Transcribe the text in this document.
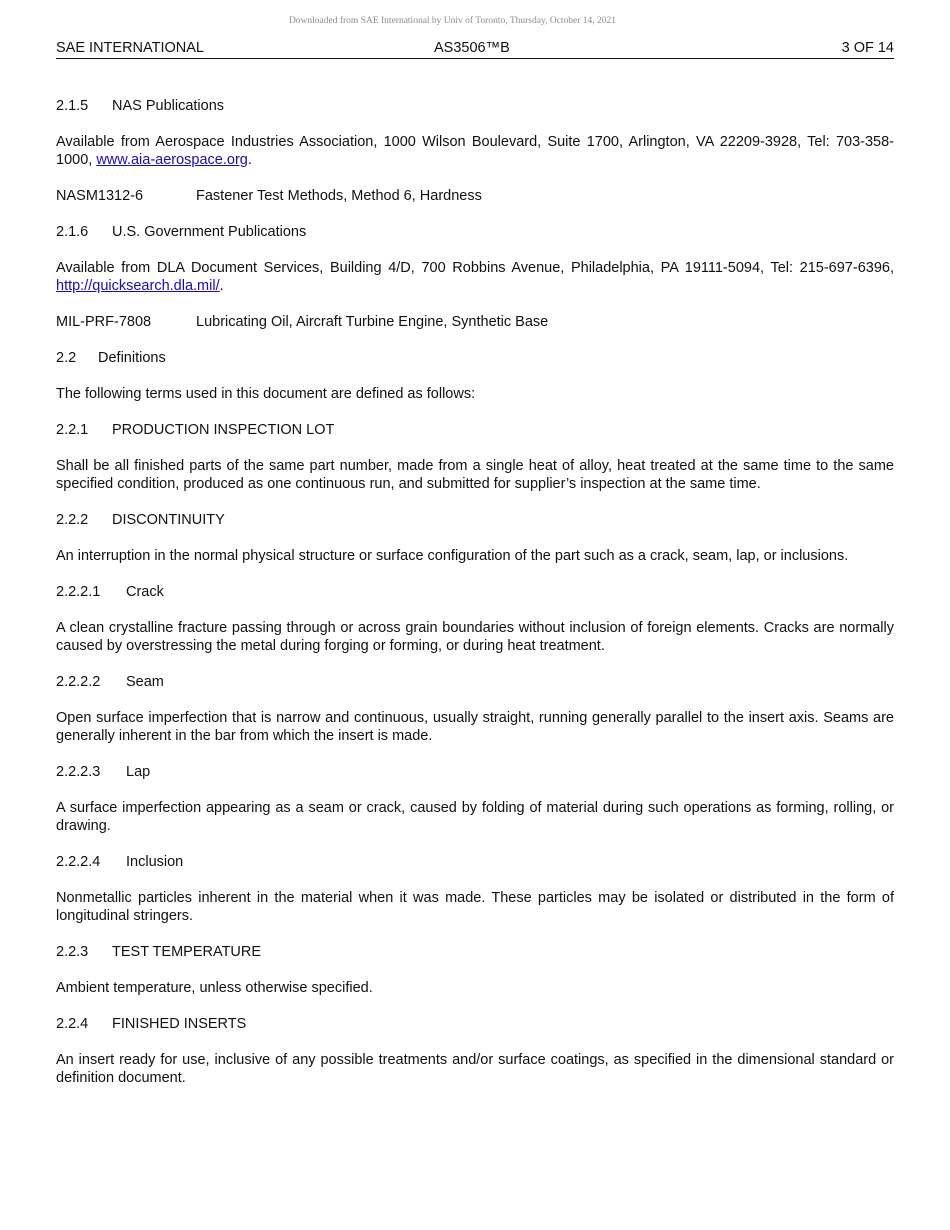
Downloaded from SAE International by Univ of Toronto, Thursday, October 14, 2021
SAE INTERNATIONAL	AS3506™B	3 OF 14
2.1.5 NAS Publications
Available from Aerospace Industries Association, 1000 Wilson Boulevard, Suite 1700, Arlington, VA 22209-3928, Tel: 703-358-1000, www.aia-aerospace.org.
NASM1312-6	Fastener Test Methods, Method 6, Hardness
2.1.6 U.S. Government Publications
Available from DLA Document Services, Building 4/D, 700 Robbins Avenue, Philadelphia, PA 19111-5094, Tel: 215-697-6396, http://quicksearch.dla.mil/.
MIL-PRF-7808	Lubricating Oil, Aircraft Turbine Engine, Synthetic Base
2.2 Definitions
The following terms used in this document are defined as follows:
2.2.1 PRODUCTION INSPECTION LOT
Shall be all finished parts of the same part number, made from a single heat of alloy, heat treated at the same time to the same specified condition, produced as one continuous run, and submitted for supplier’s inspection at the same time.
2.2.2 DISCONTINUITY
An interruption in the normal physical structure or surface configuration of the part such as a crack, seam, lap, or inclusions.
2.2.2.1 Crack
A clean crystalline fracture passing through or across grain boundaries without inclusion of foreign elements. Cracks are normally caused by overstressing the metal during forging or forming, or during heat treatment.
2.2.2.2 Seam
Open surface imperfection that is narrow and continuous, usually straight, running generally parallel to the insert axis. Seams are generally inherent in the bar from which the insert is made.
2.2.2.3 Lap
A surface imperfection appearing as a seam or crack, caused by folding of material during such operations as forming, rolling, or drawing.
2.2.2.4 Inclusion
Nonmetallic particles inherent in the material when it was made. These particles may be isolated or distributed in the form of longitudinal stringers.
2.2.3 TEST TEMPERATURE
Ambient temperature, unless otherwise specified.
2.2.4 FINISHED INSERTS
An insert ready for use, inclusive of any possible treatments and/or surface coatings, as specified in the dimensional standard or definition document.
